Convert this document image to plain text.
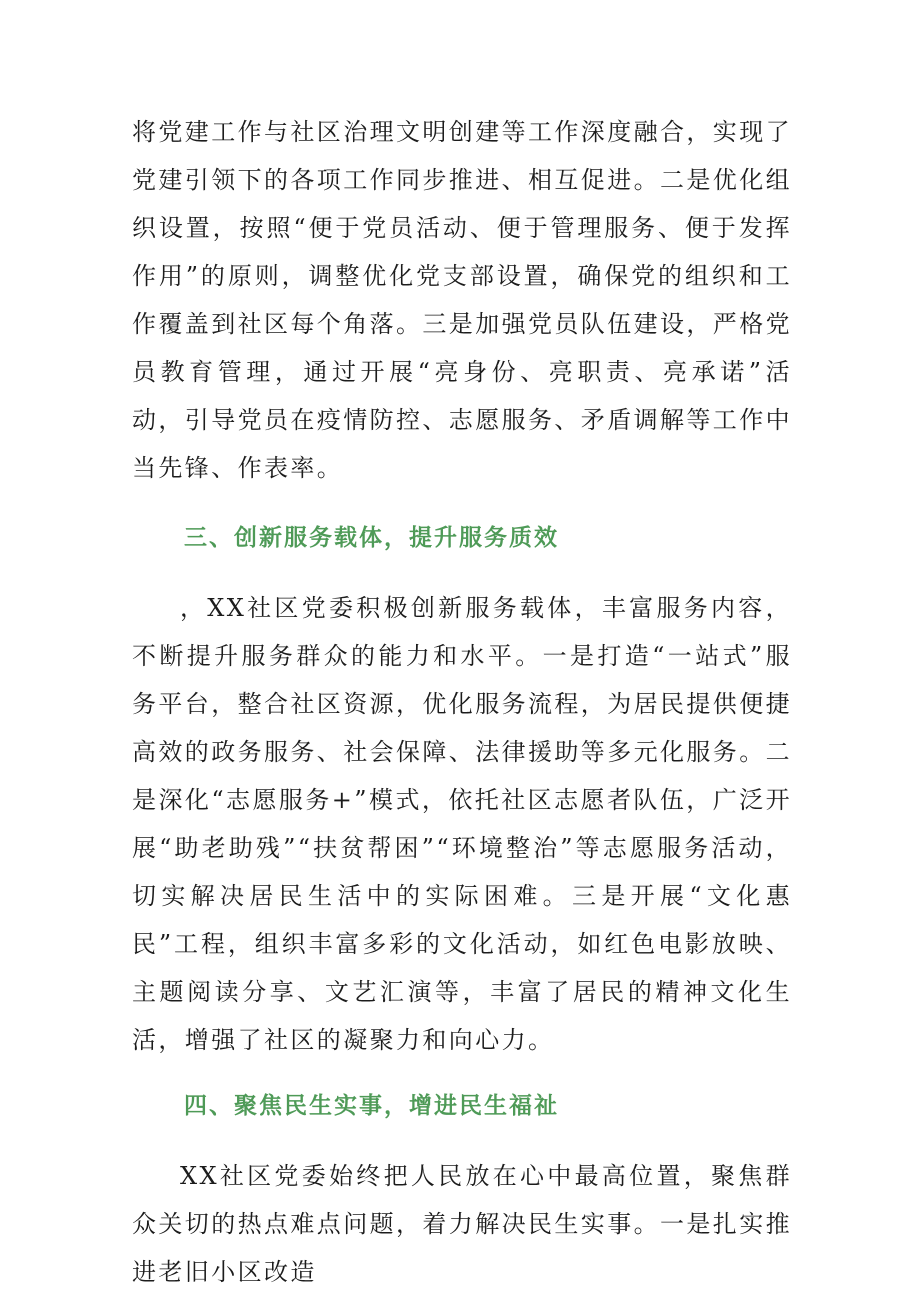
将党建工作与社区治理文明创建等工作深度融合，实现了党建引领下的各项工作同步推进、相互促进。二是优化组织设置，按照“便于党员活动、便于管理服务、便于发挥作用”的原则，调整优化党支部设置，确保党的组织和工作覆盖到社区每个角落。三是加强党员队伍建设，严格党员教育管理，通过开展“亮身份、亮职责、亮承诺”活动，引导党员在疫情防控、志愿服务、矛盾调解等工作中当先锋、作表率。

三、创新服务载体，提升服务质效

，XX社区党委积极创新服务载体，丰富服务内容，不断提升服务群众的能力和水平。一是打造“一站式”服务平台，整合社区资源，优化服务流程，为居民提供便捷高效的政务服务、社会保障、法律援助等多元化服务。二是深化“志愿服务+”模式，依托社区志愿者队伍，广泛开展“助老助残”“扶贫帮困”“环境整治”等志愿服务活动，切实解决居民生活中的实际困难。三是开展“文化惠民”工程，组织丰富多彩的文化活动，如红色电影放映、主题阅读分享、文艺汇演等，丰富了居民的精神文化生活，增强了社区的凝聚力和向心力。

四、聚焦民生实事，增进民生福祉

XX社区党委始终把人民放在心中最高位置，聚焦群众关切的热点难点问题，着力解决民生实事。一是扎实推进老旧小区改造
